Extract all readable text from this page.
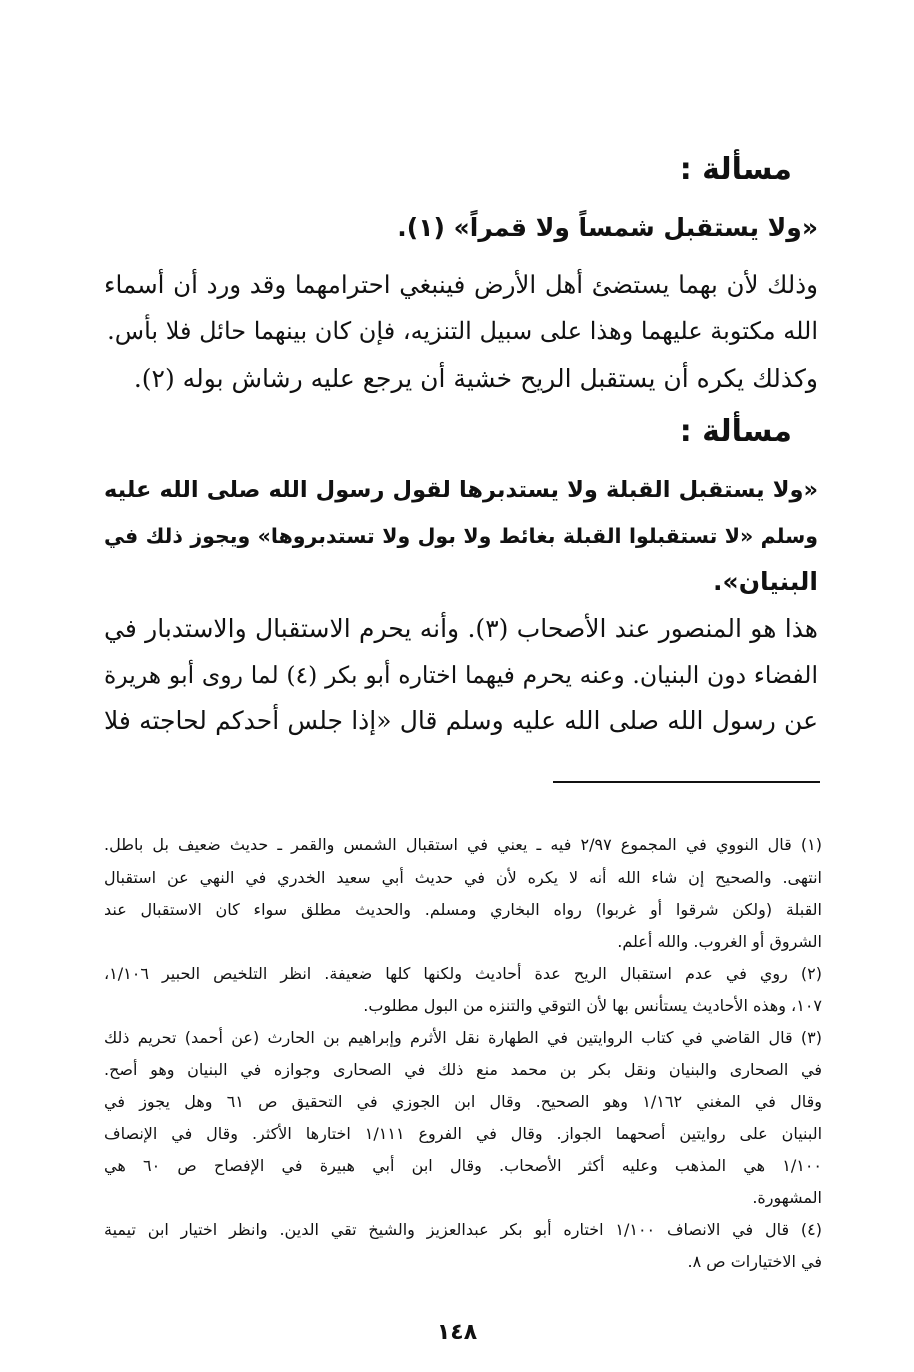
مسألة :
«ولا يستقبل شمساً ولا قمراً» (١).
وذلك لأن بهما يستضئ أهل الأرض فينبغي احترامهما وقد ورد أن أسماء
الله مكتوبة عليهما وهذا على سبيل التنزيه، فإن كان بينهما حائل فلا بأس.
وكذلك يكره أن يستقبل الريح خشية أن يرجع عليه رشاش بوله (٢).
مسألة :
«ولا يستقبل القبلة ولا يستدبرها لقول رسول الله صلى الله عليه
وسلم «لا تستقبلوا القبلة بغائط ولا بول ولا تستدبروها» ويجوز ذلك في
البنيان».
هذا هو المنصور عند الأصحاب (٣). وأنه يحرم الاستقبال والاستدبار في
الفضاء دون البنيان. وعنه يحرم فيهما اختاره أبو بكر (٤) لما روى أبو هريرة
عن رسول الله صلى الله عليه وسلم قال «إذا جلس أحدكم لحاجته فلا
(١) قال النووي في المجموع ٢/٩٧ فيه ـ يعني في استقبال الشمس والقمر ـ حديث ضعيف بل باطل.
انتهى. والصحيح إن شاء الله أنه لا يكره لأن في حديث أبي سعيد الخدري في النهي عن استقبال
القبلة (ولكن شرقوا أو غربوا) رواه البخاري ومسلم. والحديث مطلق سواء كان الاستقبال عند
الشروق أو الغروب. والله أعلم.
(٢) روي في عدم استقبال الريح عدة أحاديث ولكنها كلها ضعيفة. انظر التلخيص الحبير ١/١٠٦،
١٠٧، وهذه الأحاديث يستأنس بها لأن التوقي والتنزه من البول مطلوب.
(٣) قال القاضي في كتاب الروايتين في الطهارة نقل الأثرم وإبراهيم بن الحارث (عن أحمد) تحريم ذلك
في الصحارى والبنيان ونقل بكر بن محمد منع ذلك في الصحارى وجوازه في البنيان وهو أصح.
وقال في المغني ١/١٦٢ وهو الصحيح. وقال ابن الجوزي في التحقيق ص ٦١ وهل يجوز في
البنيان على روايتين أصحهما الجواز. وقال في الفروع ١/١١١ اختارها الأكثر. وقال في الإنصاف
١/١٠٠ هي المذهب وعليه أكثر الأصحاب. وقال ابن أبي هبيرة في الإفصاح ص ٦٠ هي
المشهورة.
(٤) قال في الانصاف ١/١٠٠ اختاره أبو بكر عبدالعزيز والشيخ تقي الدين. وانظر اختيار ابن تيمية
في الاختيارات ص ٨.
١٤٨
